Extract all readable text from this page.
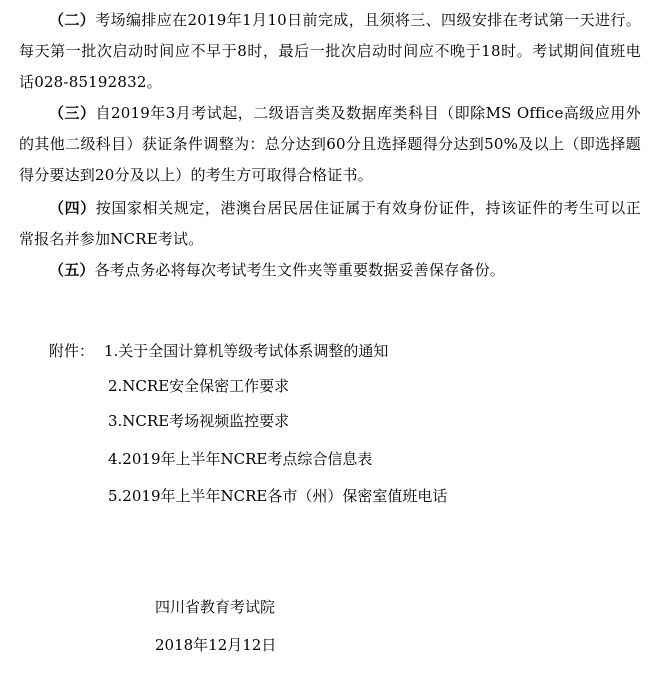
（二）考场编排应在2019年1月10日前完成，且须将三、四级安排在考试第一天进行。每天第一批次启动时间应不早于8时，最后一批次启动时间应不晚于18时。考试期间值班电话028-85192832。

（三）自2019年3月考试起，二级语言类及数据库类科目（即除MS Office高级应用外的其他二级科目）获证条件调整为：总分达到60分且选择题得分达到50%及以上（即选择题得分要达到20分及以上）的考生方可取得合格证书。

（四）按国家相关规定，港澳台居民居住证属于有效身份证件，持该证件的考生可以正常报名并参加NCRE考试。

（五）各考点务必将每次考试考生文件夹等重要数据妥善保存备份。

附件： 1.关于全国计算机等级考试体系调整的通知
2.NCRE安全保密工作要求
3.NCRE考场视频监控要求
4.2019年上半年NCRE考点综合信息表
5.2019年上半年NCRE各市（州）保密室值班电话

四川省教育考试院

2018年12月12日
